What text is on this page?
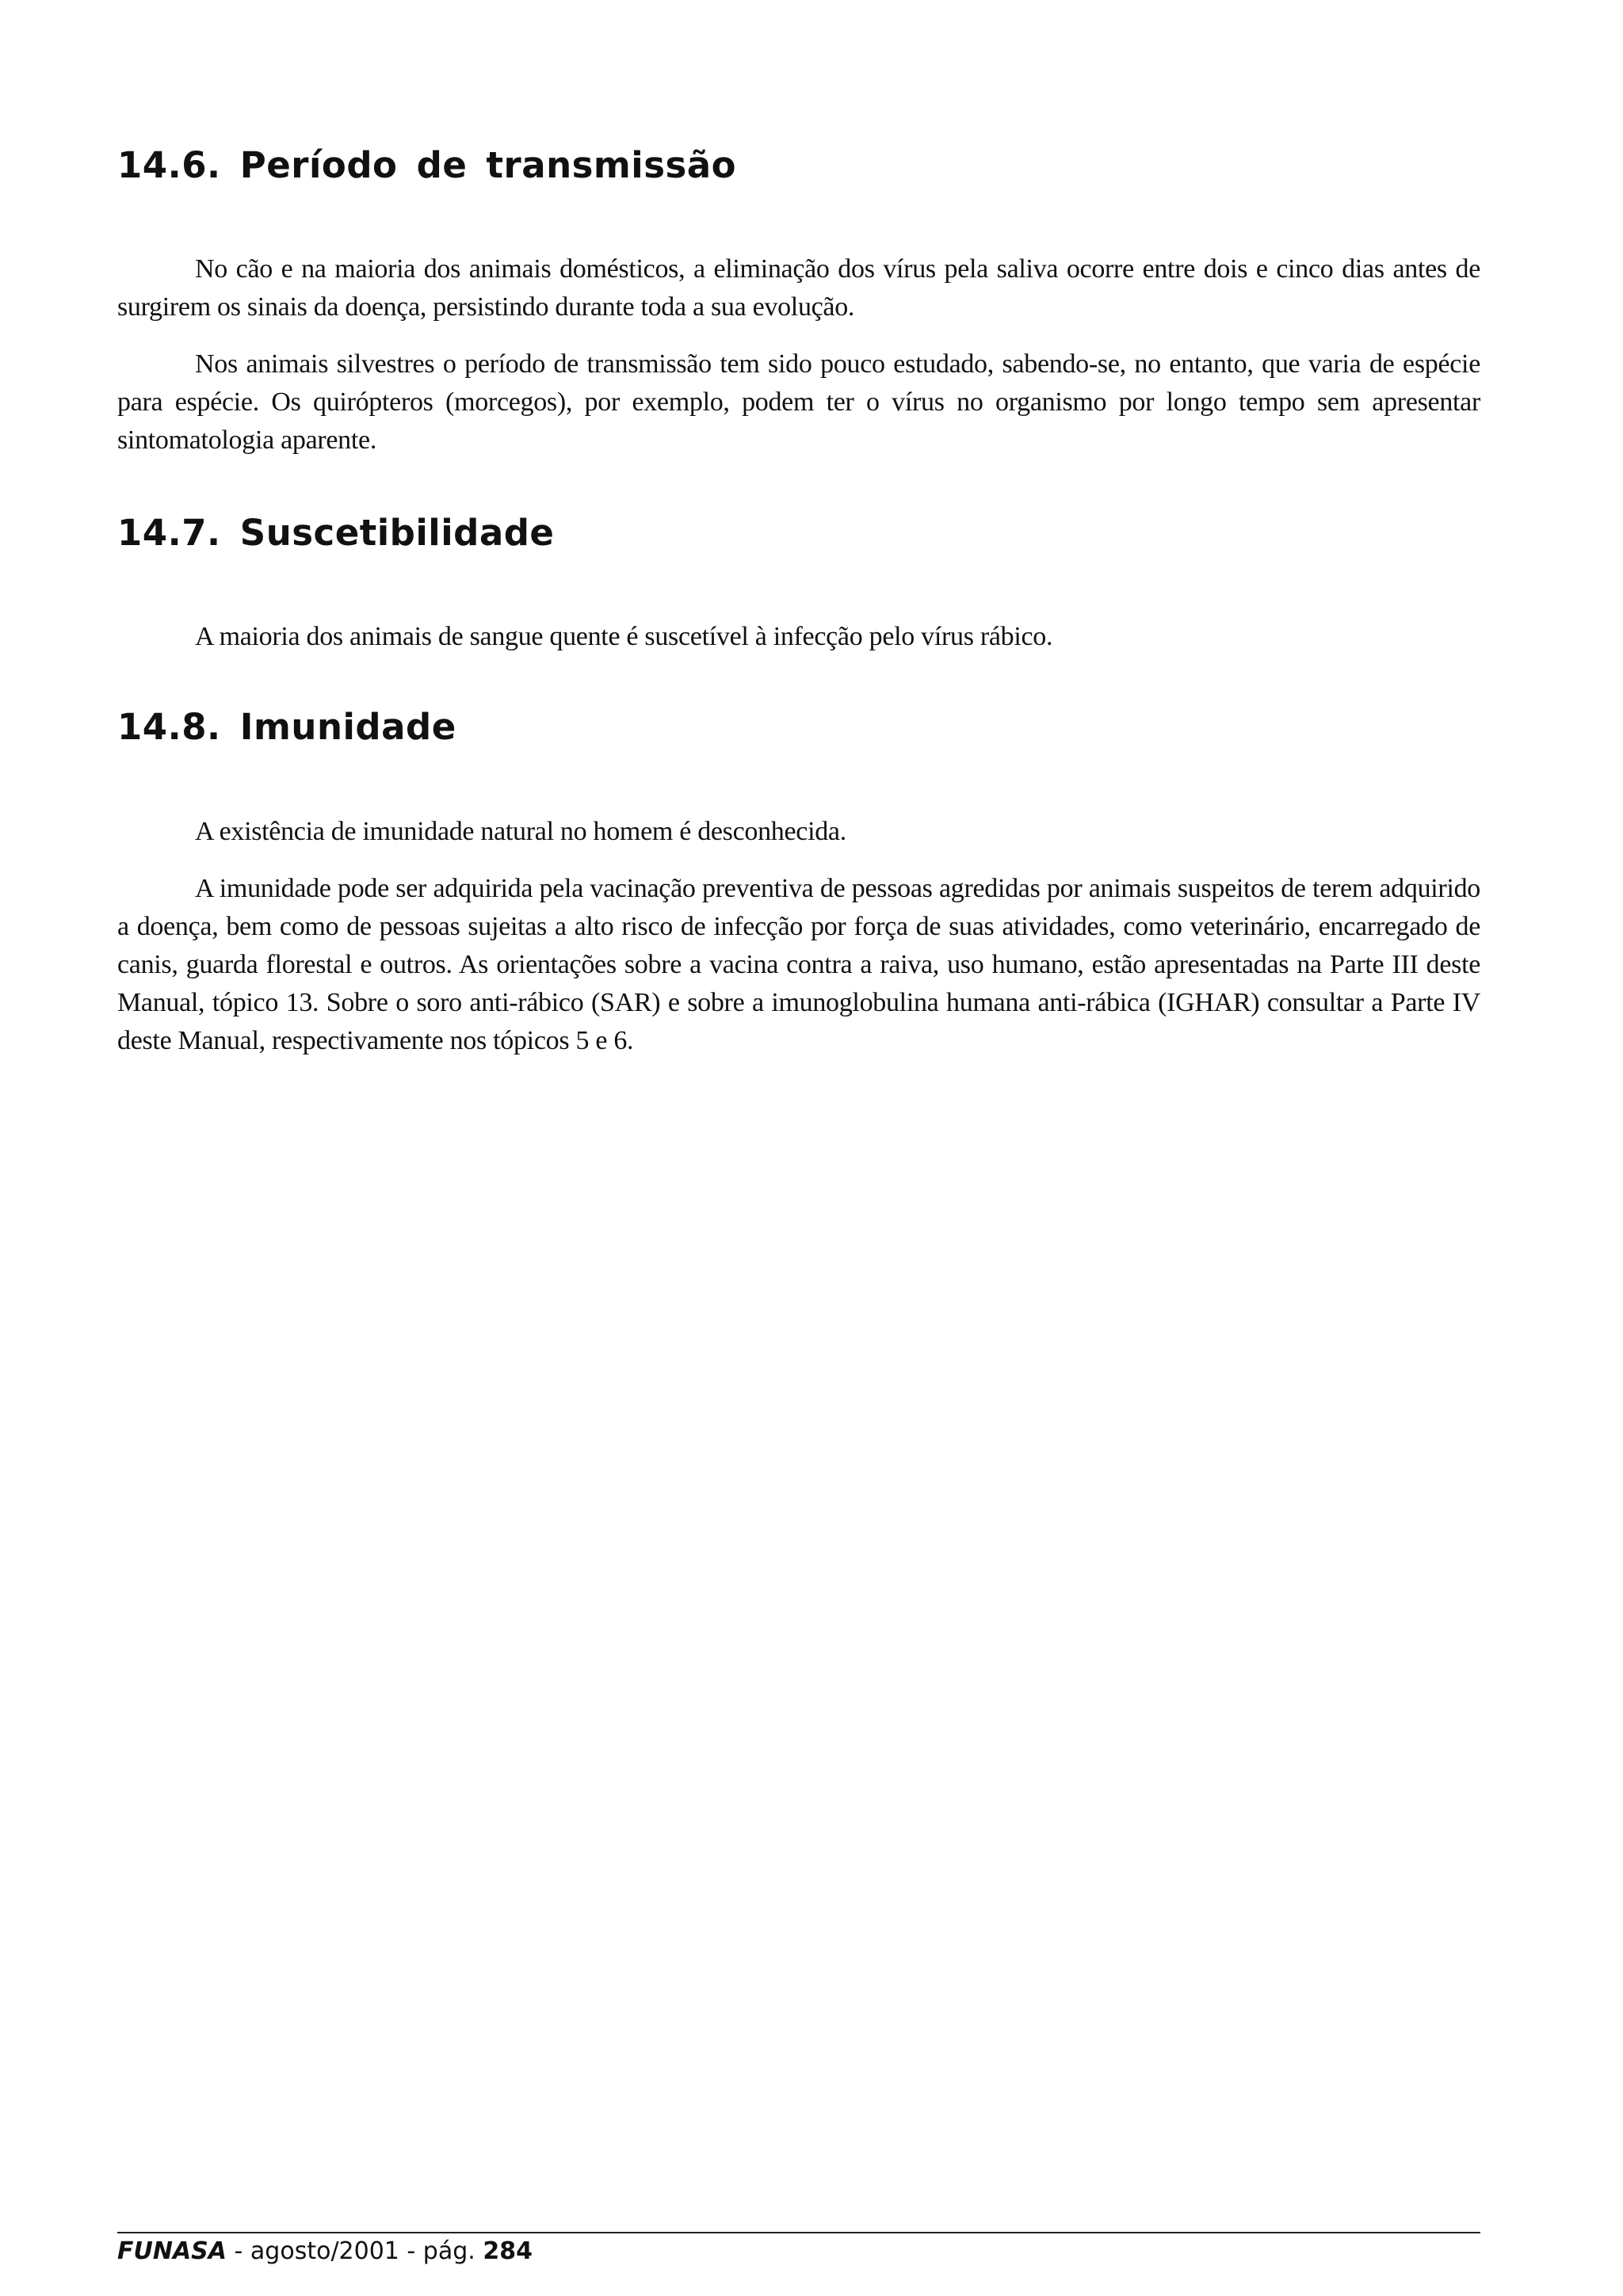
14.6. Período de transmissão

No cão e na maioria dos animais domésticos, a eliminação dos vírus pela saliva ocorre entre dois e cinco dias antes de surgirem os sinais da doença, persistindo durante toda a sua evolução.

Nos animais silvestres o período de transmissão tem sido pouco estudado, sabendo-se, no entanto, que varia de espécie para espécie. Os quirópteros (morcegos), por exemplo, podem ter o vírus no organismo por longo tempo sem apresentar sintomatologia aparente.

14.7. Suscetibilidade

A maioria dos animais de sangue quente é suscetível à infecção pelo vírus rábico.

14.8. Imunidade

A existência de imunidade natural no homem é desconhecida.

A imunidade pode ser adquirida pela vacinação preventiva de pessoas agredidas por animais suspeitos de terem adquirido a doença, bem como de pessoas sujeitas a alto risco de infecção por força de suas atividades, como veterinário, encarregado de canis, guarda florestal e outros. As orientações sobre a vacina contra a raiva, uso humano, estão apresentadas na Parte III deste Manual, tópico 13. Sobre o soro anti-rábico (SAR) e sobre a imunoglobulina humana anti-rábica (IGHAR) consultar a Parte IV deste Manual, respectivamente nos tópicos 5 e 6.

FUNASA - agosto/2001 - pág. 284
